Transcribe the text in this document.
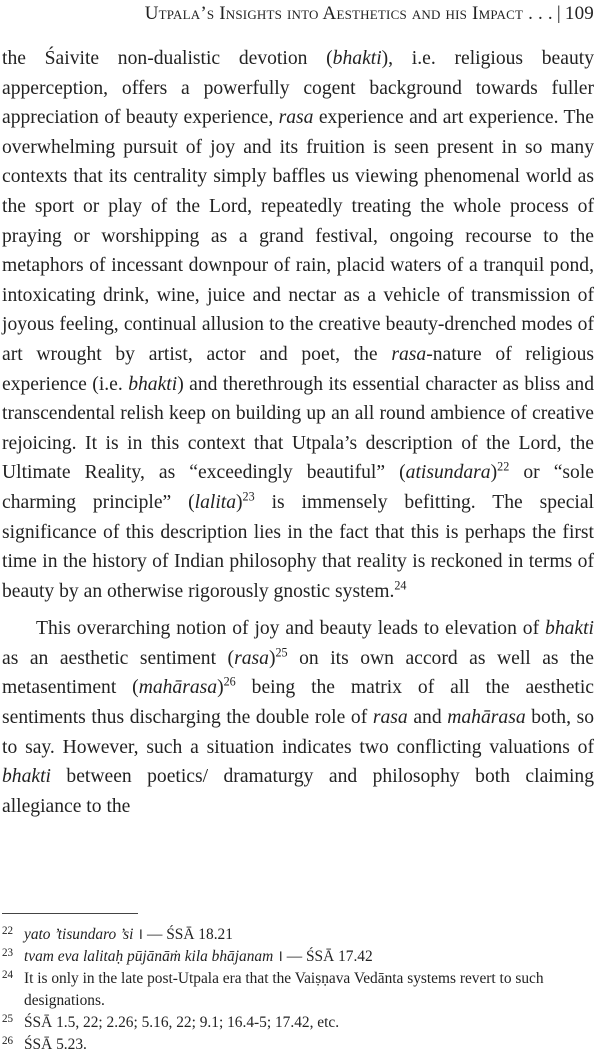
Utpala’s Insights into Aesthetics and his Impact . . . | 109

the Śaivite non-dualistic devotion (bhakti), i.e. religious beauty apperception, offers a powerfully cogent background towards fuller appreciation of beauty experience, rasa experience and art experience. The overwhelming pursuit of joy and its fruition is seen present in so many contexts that its centrality simply baffles us viewing phenomenal world as the sport or play of the Lord, repeatedly treating the whole process of praying or worshipping as a grand festival, ongoing recourse to the metaphors of incessant downpour of rain, placid waters of a tranquil pond, intoxicating drink, wine, juice and nectar as a vehicle of transmission of joyous feeling, continual allusion to the creative beauty-drenched modes of art wrought by artist, actor and poet, the rasa-nature of religious experience (i.e. bhakti) and therethrough its essential character as bliss and transcendental relish keep on building up an all round ambience of creative rejoicing. It is in this context that Utpala’s description of the Lord, the Ultimate Reality, as “exceedingly beautiful” (atisundara)$^{22}$ or “sole charming principle” (lalita)$^{23}$ is immensely befitting. The special significance of this description lies in the fact that this is perhaps the first time in the history of Indian philosophy that reality is reckoned in terms of beauty by an otherwise rigorously gnostic system.$^{24}$

This overarching notion of joy and beauty leads to elevation of bhakti as an aesthetic sentiment (rasa)$^{25}$ on its own accord as well as the metasentiment (mahārasa)$^{26}$ being the matrix of all the aesthetic sentiments thus discharging the double role of rasa and mahārasa both, so to say. However, such a situation indicates two conflicting valuations of bhakti between poetics/ dramaturgy and philosophy both claiming allegiance to the

$^{22}$ yato ’tisundaro ’si । — ŚSĀ 18.21
$^{23}$ tvam eva lalitaḥ pūjānāṁ kila bhājanam । — ŚSĀ 17.42
$^{24}$ It is only in the late post-Utpala era that the Vaiṣṇava Vedānta systems revert to such designations.
$^{25}$ ŚSĀ 1.5, 22; 2.26; 5.16, 22; 9.1; 16.4-5; 17.42, etc.
$^{26}$ ŚSĀ 5.23.
